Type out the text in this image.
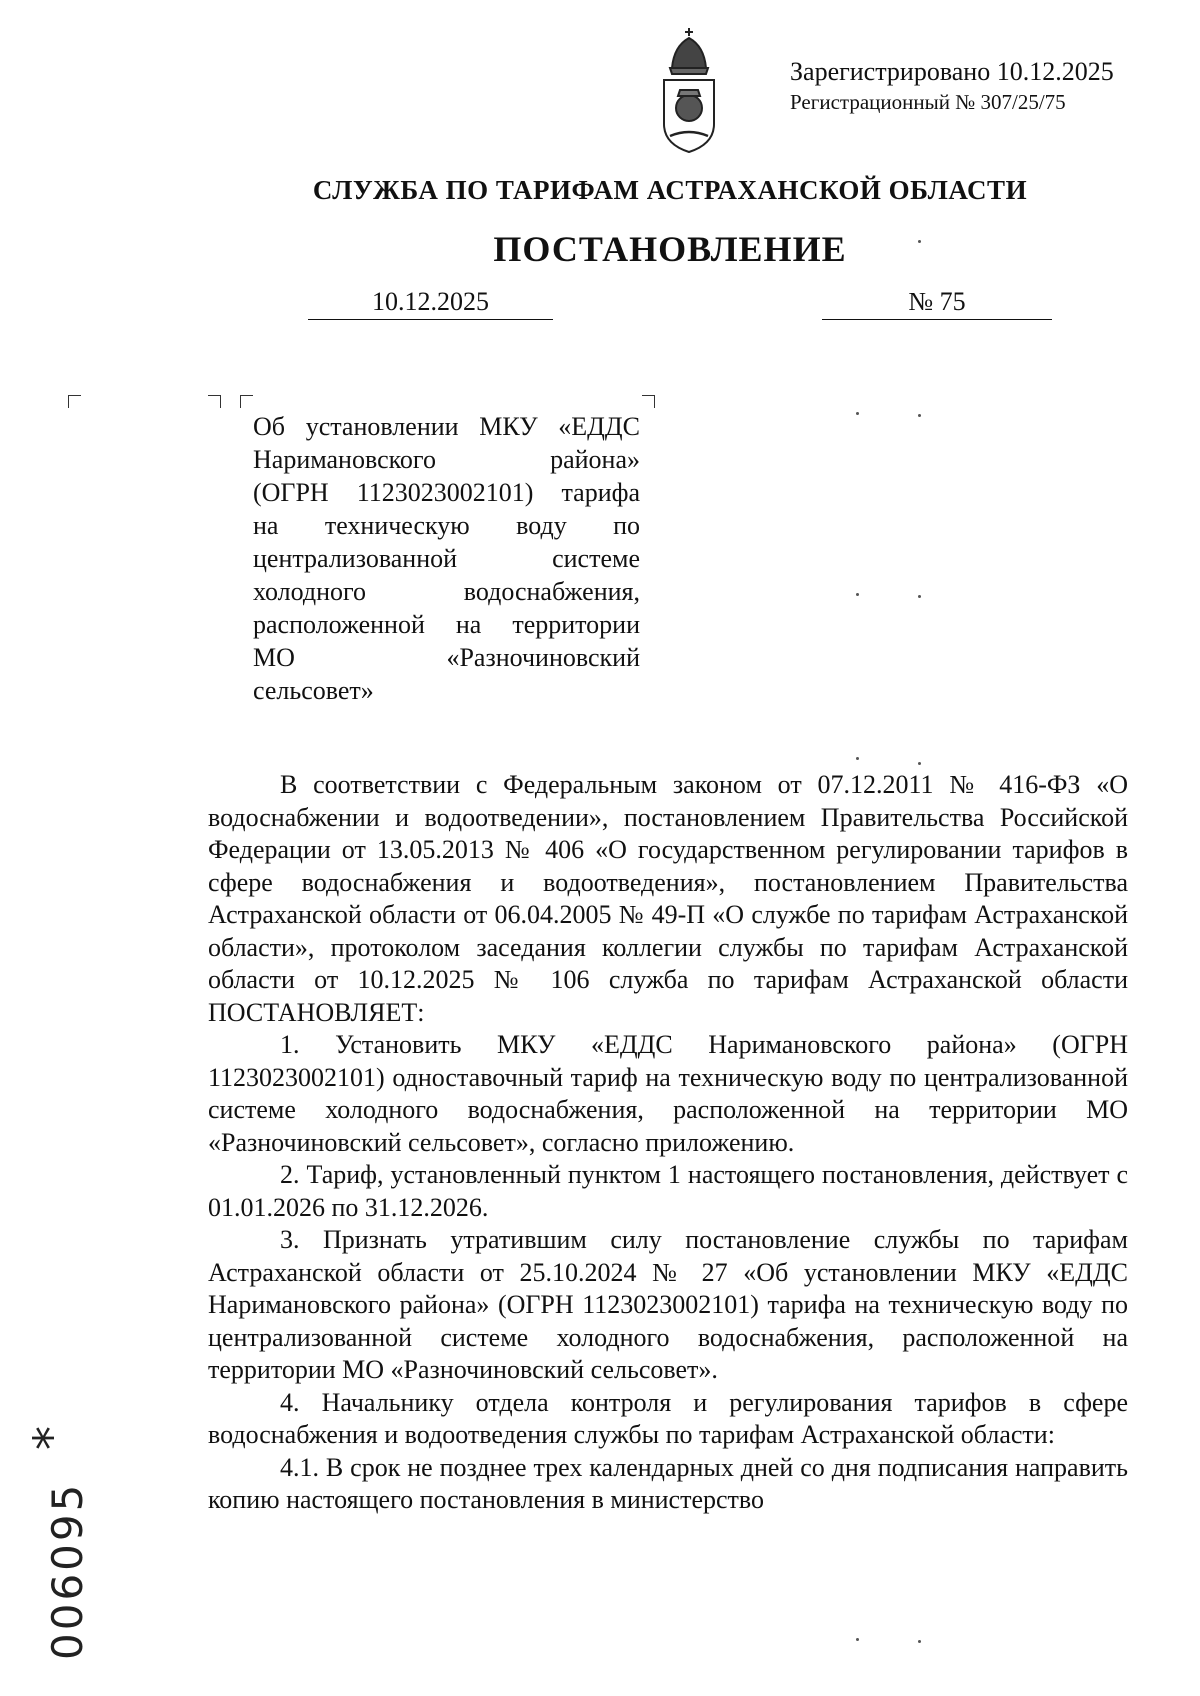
Зарегистрировано 10.12.2025
Регистрационный № 307/25/75
СЛУЖБА ПО ТАРИФАМ АСТРАХАНСКОЙ ОБЛАСТИ
ПОСТАНОВЛЕНИЕ
10.12.2025	№ 75
Об установлении МКУ «ЕДДС
Наримановского района»
(ОГРН 1123023002101) тарифа
на техническую воду по
централизованной системе
холодного водоснабжения,
расположенной на территории
МО «Разночиновский
сельсовет»

В соответствии с Федеральным законом от 07.12.2011 № 416-ФЗ «О водоснабжении и водоотведении», постановлением Правительства Российской Федерации от 13.05.2013 № 406 «О государственном регулировании тарифов в сфере водоснабжения и водоотведения», постановлением Правительства Астраханской области от 06.04.2005 № 49-П «О службе по тарифам Астраханской области», протоколом заседания коллегии службы по тарифам Астраханской области от 10.12.2025 № 106 служба по тарифам Астраханской области ПОСТАНОВЛЯЕТ:

1. Установить МКУ «ЕДДС Наримановского района» (ОГРН 1123023002101) одноставочный тариф на техническую воду по централизованной системе холодного водоснабжения, расположенной на территории МО «Разночиновский сельсовет», согласно приложению.

2. Тариф, установленный пунктом 1 настоящего постановления, действует с 01.01.2026 по 31.12.2026.

3. Признать утратившим силу постановление службы по тарифам Астраханской области от 25.10.2024 № 27 «Об установлении МКУ «ЕДДС Наримановского района» (ОГРН 1123023002101) тарифа на техническую воду по централизованной системе холодного водоснабжения, расположенной на территории МО «Разночиновский сельсовет».

4. Начальнику отдела контроля и регулирования тарифов в сфере водоснабжения и водоотведения службы по тарифам Астраханской области:

4.1. В срок не позднее трех календарных дней со дня подписания направить копию настоящего постановления в министерство

*
006095
